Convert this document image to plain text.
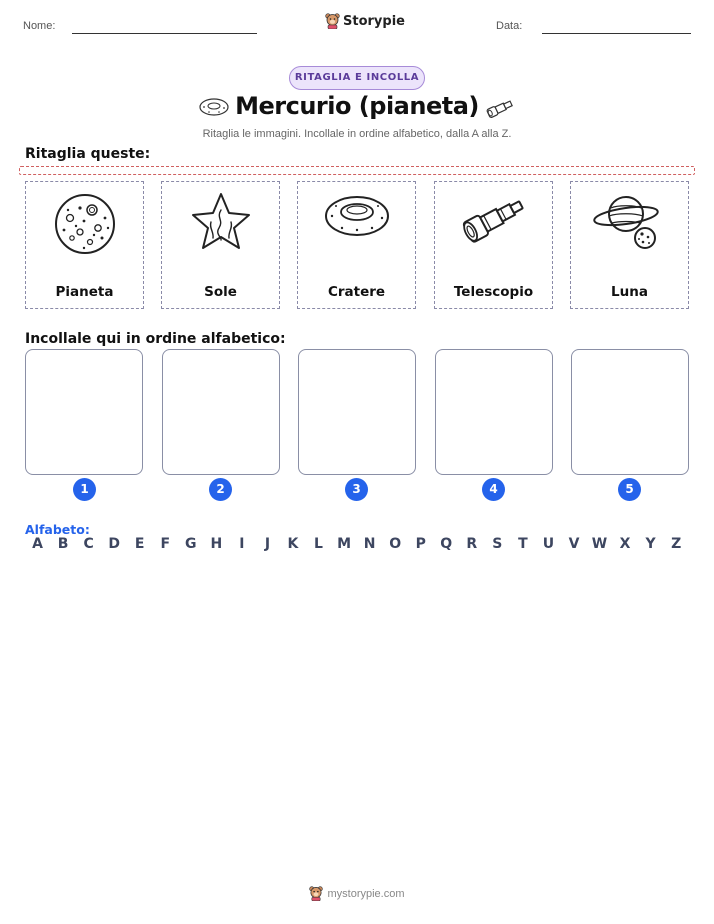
Nome:	Storypie	Data:
RITAGLIA E INCOLLA
Mercurio (pianeta)
Ritaglia le immagini. Incollale in ordine alfabetico, dalla A alla Z.
Ritaglia queste:
Pianeta	Sole	Cratere	Telescopio	Luna
Incollale qui in ordine alfabetico:
1	2	3	4	5
Alfabeto:
A	B	C	D	E	F	G H	I	J	K	L	M N O	P	Q	R	S	T	U	V W X	Y	Z
mystorypie.com
